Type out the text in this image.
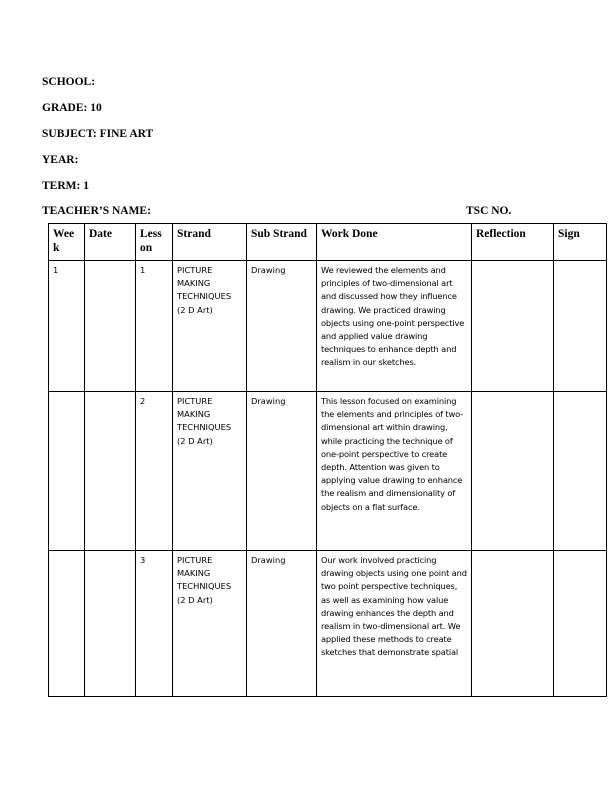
SCHOOL:
GRADE: 10
SUBJECT: FINE ART
YEAR:
TERM: 1
TEACHER’S NAME:	TSC NO.
Wee k	Date	Less on	Strand	Sub Strand	Work Done	Reflection	Sign
1		1	PICTURE MAKING TECHNIQUES (2 D Art)	Drawing	We reviewed the elements and principles of two-dimensional art and discussed how they influence drawing. We practiced drawing objects using one-point perspective and applied value drawing techniques to enhance depth and realism in our sketches.		
		2	PICTURE MAKING TECHNIQUES (2 D Art)	Drawing	This lesson focused on examining the elements and principles of two-dimensional art within drawing, while practicing the technique of one-point perspective to create depth. Attention was given to applying value drawing to enhance the realism and dimensionality of objects on a flat surface.		
		3	PICTURE MAKING TECHNIQUES (2 D Art)	Drawing	Our work involved practicing drawing objects using one point and two point perspective techniques, as well as examining how value drawing enhances the depth and realism in two-dimensional art. We applied these methods to create sketches that demonstrate spatial		
